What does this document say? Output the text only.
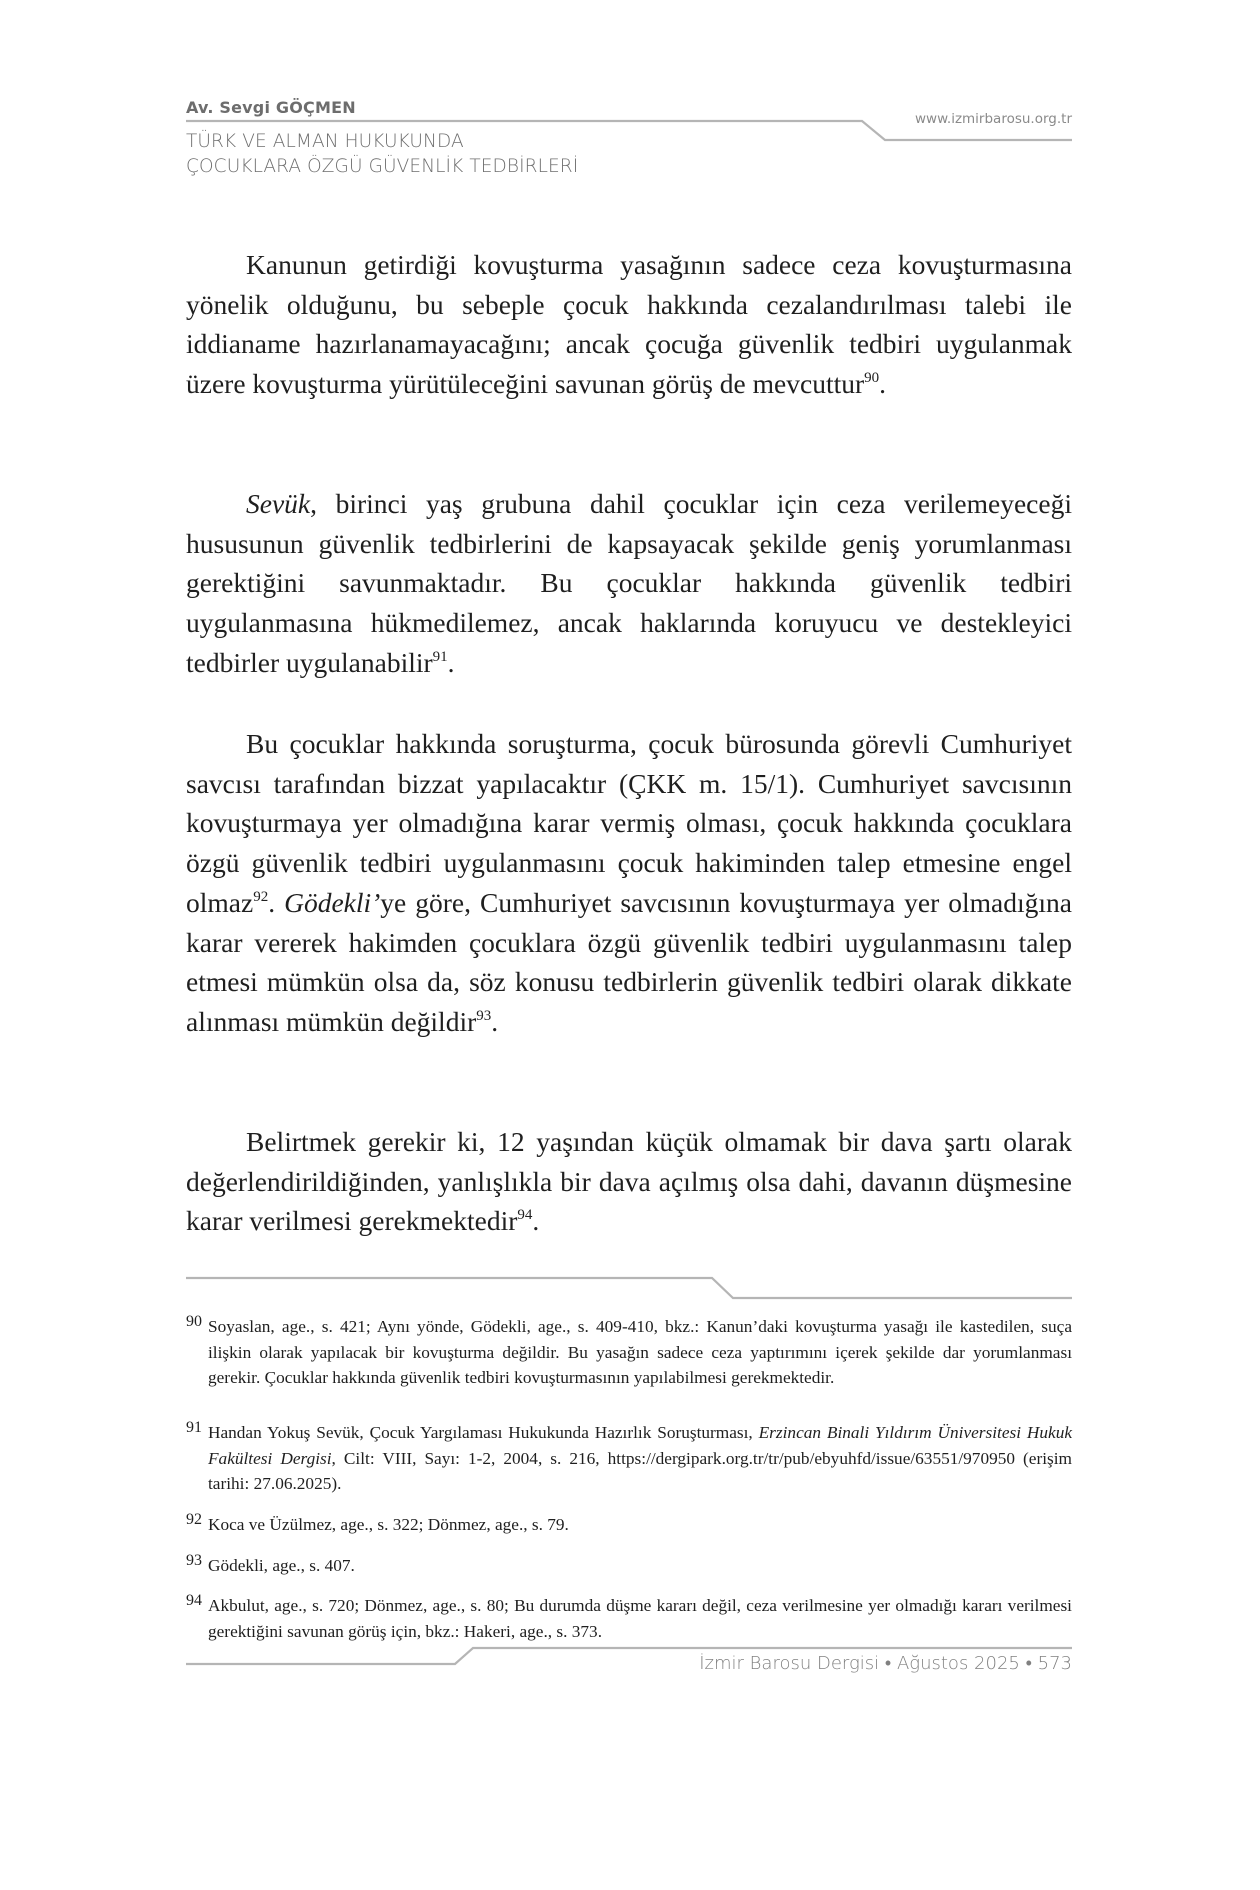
Av. Sevgi GÖÇMEN
TÜRK VE ALMAN HUKUKUNDA
ÇOCUKLARA ÖZGÜ GÜVENLİK TEDBİRLERİ
www.izmirbarosu.org.tr

Kanunun getirdiği kovuşturma yasağının sadece ceza kovuşturmasına yönelik olduğunu, bu sebeple çocuk hakkında cezalandırılması talebi ile iddianame hazırlanamayacağını; ancak çocuğa güvenlik tedbiri uygulanmak üzere kovuşturma yürütüleceğini savunan görüş de mevcuttur$^{90}$.

Sevük, birinci yaş grubuna dahil çocuklar için ceza verilemeyeceği hususunun güvenlik tedbirlerini de kapsayacak şekilde geniş yorumlanması gerektiğini savunmaktadır. Bu çocuklar hakkında güvenlik tedbiri uygulanmasına hükmedilemez, ancak haklarında koruyucu ve destekleyici tedbirler uygulanabilir$^{91}$.

Bu çocuklar hakkında soruşturma, çocuk bürosunda görevli Cumhuriyet savcısı tarafından bizzat yapılacaktır (ÇKK m. 15/1). Cumhuriyet savcısının kovuşturmaya yer olmadığına karar vermiş olması, çocuk hakkında çocuklara özgü güvenlik tedbiri uygulanmasını çocuk hakiminden talep etmesine engel olmaz$^{92}$. Gödekli’ye göre, Cumhuriyet savcısının kovuşturmaya yer olmadığına karar vererek hakimden çocuklara özgü güvenlik tedbiri uygulanmasını talep etmesi mümkün olsa da, söz konusu tedbirlerin güvenlik tedbiri olarak dikkate alınması mümkün değildir$^{93}$.

Belirtmek gerekir ki, 12 yaşından küçük olmamak bir dava şartı olarak değerlendirildiğinden, yanlışlıkla bir dava açılmış olsa dahi, davanın düşmesine karar verilmesi gerekmektedir$^{94}$.

90 Soyaslan, age., s. 421; Aynı yönde, Gödekli, age., s. 409-410, bkz.: Kanun’daki kovuşturma yasağı ile kastedilen, suça ilişkin olarak yapılacak bir kovuşturma değildir. Bu yasağın sadece ceza yaptırımını içerek şekilde dar yorumlanması gerekir. Çocuklar hakkında güvenlik tedbiri kovuşturmasının yapılabilmesi gerekmektedir.
91 Handan Yokuş Sevük, Çocuk Yargılaması Hukukunda Hazırlık Soruşturması, Erzincan Binali Yıldırım Üniversitesi Hukuk Fakültesi Dergisi, Cilt: VIII, Sayı: 1-2, 2004, s. 216, https://dergipark.org.tr/tr/pub/ebyuhfd/issue/63551/970950 (erişim tarihi: 27.06.2025).
92 Koca ve Üzülmez, age., s. 322; Dönmez, age., s. 79.
93 Gödekli, age., s. 407.
94 Akbulut, age., s. 720; Dönmez, age., s. 80; Bu durumda düşme kararı değil, ceza verilmesine yer olmadığı kararı verilmesi gerektiğini savunan görüş için, bkz.: Hakeri, age., s. 373.
İzmir Barosu Dergisi • Ağustos 2025 • 573
